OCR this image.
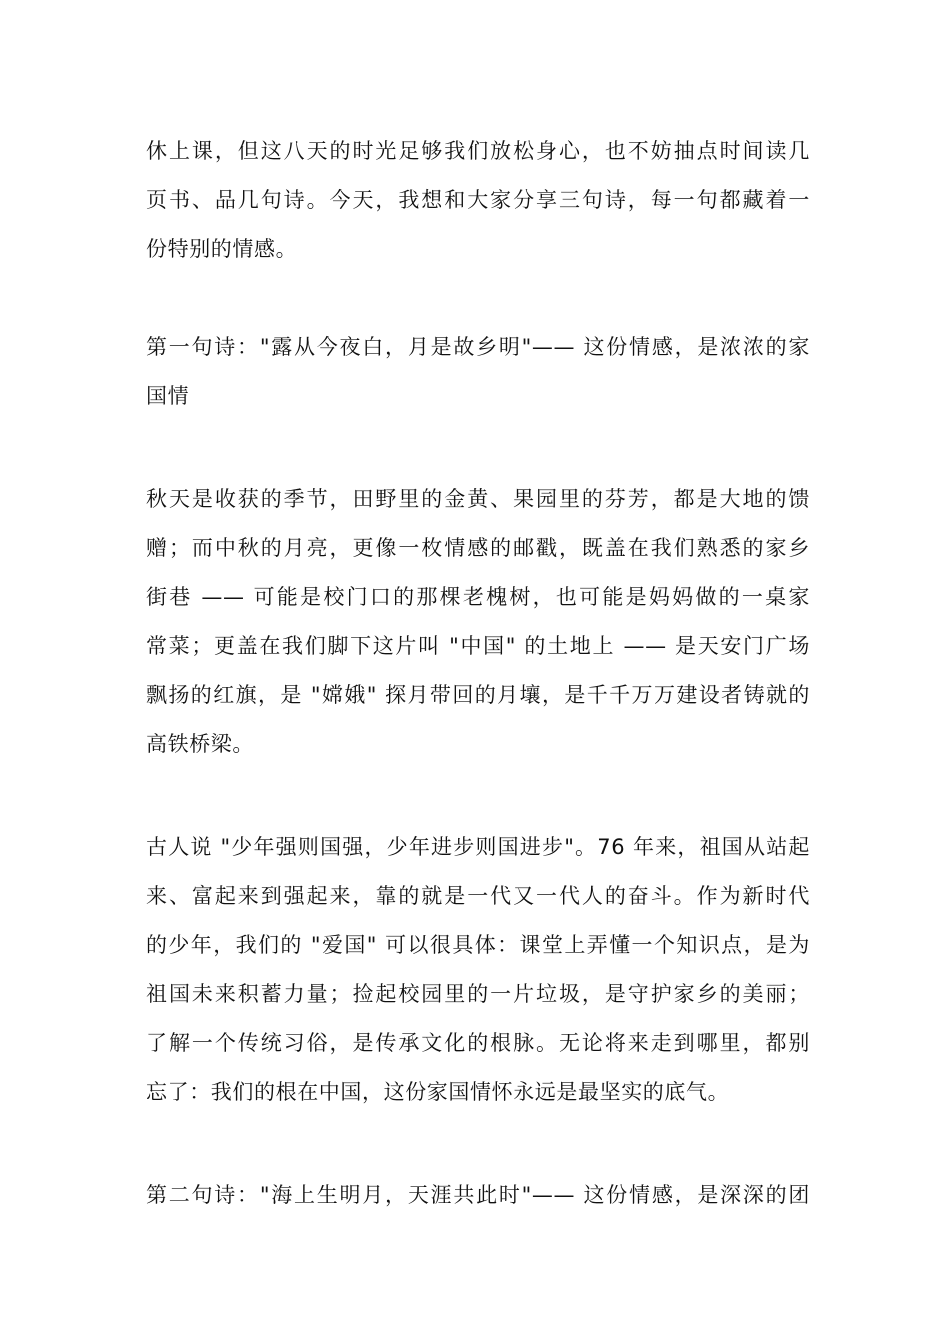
休上课，但这八天的时光足够我们放松身心，也不妨抽点时间读几
页书、品几句诗。今天，我想和大家分享三句诗，每一句都藏着一
份特别的情感。
第一句诗："露从今夜白，月是故乡明"—— 这份情感，是浓浓的家
国情
秋天是收获的季节，田野里的金黄、果园里的芬芳，都是大地的馈
赠；而中秋的月亮，更像一枚情感的邮戳，既盖在我们熟悉的家乡
街巷 —— 可能是校门口的那棵老槐树，也可能是妈妈做的一桌家
常菜；更盖在我们脚下这片叫 "中国" 的土地上 —— 是天安门广场
飘扬的红旗，是 "嫦娥" 探月带回的月壤，是千千万万建设者铸就的
高铁桥梁。
古人说 "少年强则国强，少年进步则国进步"。76 年来，祖国从站起
来、富起来到强起来，靠的就是一代又一代人的奋斗。作为新时代
的少年，我们的 "爱国" 可以很具体：课堂上弄懂一个知识点，是为
祖国未来积蓄力量；捡起校园里的一片垃圾，是守护家乡的美丽；
了解一个传统习俗，是传承文化的根脉。无论将来走到哪里，都别
忘了：我们的根在中国，这份家国情怀永远是最坚实的底气。
第二句诗："海上生明月，天涯共此时"—— 这份情感，是深深的团
